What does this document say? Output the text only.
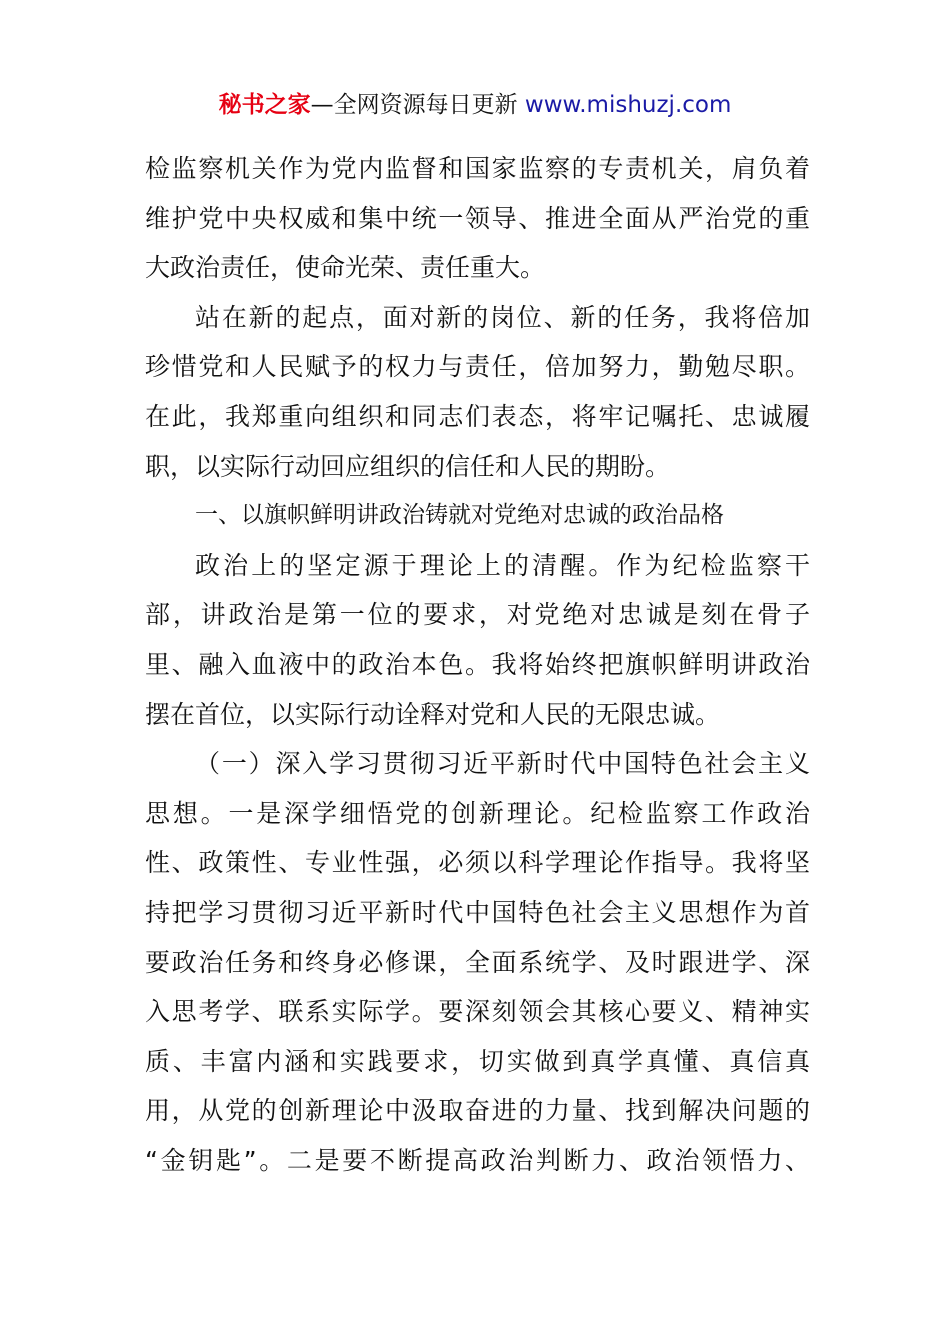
秘书之家—全网资源每日更新 www.mishuzj.com
检监察机关作为党内监督和国家监察的专责机关，肩负着
维护党中央权威和集中统一领导、推进全面从严治党的重
大政治责任，使命光荣、责任重大。
站在新的起点，面对新的岗位、新的任务，我将倍加
珍惜党和人民赋予的权力与责任，倍加努力，勤勉尽职。
在此，我郑重向组织和同志们表态，将牢记嘱托、忠诚履
职，以实际行动回应组织的信任和人民的期盼。
一、以旗帜鲜明讲政治铸就对党绝对忠诚的政治品格
政治上的坚定源于理论上的清醒。作为纪检监察干
部，讲政治是第一位的要求，对党绝对忠诚是刻在骨子
里、融入血液中的政治本色。我将始终把旗帜鲜明讲政治
摆在首位，以实际行动诠释对党和人民的无限忠诚。
（一）深入学习贯彻习近平新时代中国特色社会主义
思想。一是深学细悟党的创新理论。纪检监察工作政治
性、政策性、专业性强，必须以科学理论作指导。我将坚
持把学习贯彻习近平新时代中国特色社会主义思想作为首
要政治任务和终身必修课，全面系统学、及时跟进学、深
入思考学、联系实际学。要深刻领会其核心要义、精神实
质、丰富内涵和实践要求，切实做到真学真懂、真信真
用，从党的创新理论中汲取奋进的力量、找到解决问题的
“金钥匙”。二是要不断提高政治判断力、政治领悟力、
